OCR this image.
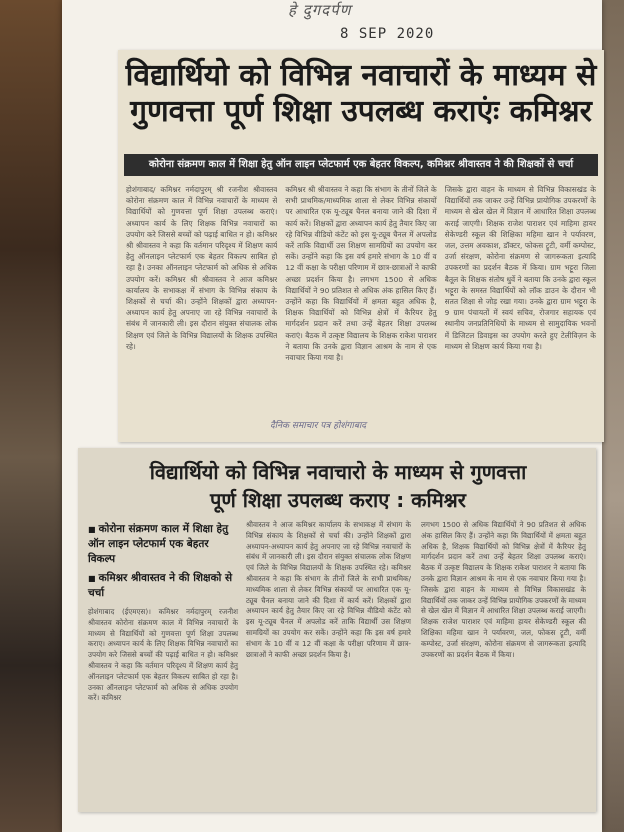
हे दुगदर्पण
8 SEP 2020
विद्यार्थियो को विभिन्न नवाचारों के माध्यम से
गुणवत्ता पूर्ण शिक्षा उपलब्ध कराएंः कमिश्नर
कोरोना संक्रमण काल में शिक्षा हेतु ऑन लाइन प्लेटफार्म एक बेहतर विकल्प, कमिश्नर श्रीवास्तव ने की शिक्षकों से चर्चा
होशंगाबाद/ कमिश्नर नर्मदापुरम् श्री रजनीश श्रीवास्तव कोरोना संक्रमण काल में विभिन्न नवाचारों के माध्यम से विद्यार्थियों को गुणवत्ता पूर्ण शिक्षा उपलब्ध कराएं। अध्यापन कार्य के लिए शिक्षक विभिन्न नवाचारों का उपयोग करे जिससे बच्चों को पढ़ाई बाधित न हो। कमिश्नर श्री श्रीवास्तव ने कहा कि वर्तमान परिदृश्य में शिक्षण कार्य हेतु ऑनलाइन प्लेटफार्म एक बेहतर विकल्प साबित हो रहा है। उनका ऑनलाइन प्लेटफार्म को अधिक से अधिक उपयोग करें। कमिश्नर श्री श्रीवास्तव ने आज कमिश्नर कार्यालय के सभाकक्ष में संभाग के विभिन्न संकाय के शिक्षकों से चर्चा की। उन्होंने शिक्षकों द्वारा अध्यापन-अध्यापन कार्य हेतु अपनाए जा रहे विभिन्न नवाचारों के संबंध में जानकारी ली। इस दौरान संयुक्त संचालक लोक शिक्षण एवं जिले के विभिन्न विद्यालयों के शिक्षक उपस्थित रहे।
कमिश्नर श्री श्रीवास्तव ने कहा कि संभाग के तीनों जिले के सभी प्राथमिक/माध्यमिक शाला से लेकर विभिन्न संकायों पर आधारित एक यू-ट्यूब चैनल बनाया जाने की दिशा में कार्य करें। शिक्षकों द्वारा अध्यापन कार्य हेतु तैयार किए जा रहे विभिन्न वीडियो कंटेंट को इस यू-ट्यूब चैनल में अपलोड करें ताकि विद्यार्थी उस शिक्षण सामग्रियों का उपयोग कर सकें। उन्होंने कहा कि इस वर्ष हमारे संभाग के 10 वीं व 12 वीं कक्षा के परीक्षा परिणाम में छात्र-छात्राओं ने काफी अच्छा प्रदर्शन किया है। लगभग 1500 से अधिक विद्यार्थियों ने 90 प्रतिशत से अधिक अंक हासिल किए हैं। उन्होंने कहा कि विद्यार्थियों में क्षमता बहुत अधिक है, शिक्षक विद्यार्थियों को विभिन्न क्षेत्रों में कैरियर हेतु मार्गदर्शन प्रदान करें तथा उन्हें बेहतर शिक्षा उपलब्ध कराएं। बैठक में उत्कृष्ट विद्यालय के शिक्षक राकेश पाराशर ने बताया कि उनके द्वारा विज्ञान आश्रम के नाम से एक नवाचार किया गया है।
जिसके द्वारा वाहन के माध्यम से विभिन्न विकासखंड के विद्यार्थियों तक जाकर उन्हें विभिन्न प्रायोगिक उपकरणों के माध्यम से खेल खेल में विज्ञान में आधारित शिक्षा उपलब्ध कराई जाएगी। शिक्षक राजेश पाराशर एवं माहिमा हायर सेकेण्डरी स्कूल की शिक्षिका महिमा खान ने पर्यावरण, जल, उत्तम अवकाश, डॉक्टर, फोकस ट्रूटी, वर्मी कम्पोस्ट, उर्जा संरक्षण, कोरोना संक्रमण से जागरूकता इत्यादि उपकरणों का प्रदर्शन बैठक में किया। ग्राम भट्टूरा जिला बैतूल के शिक्षक संतोष धुर्वे ने बताया कि उनके द्वारा स्कूल भट्टूरा के समस्त विद्यार्थियों को लॉक डाउन के दौरान भी सतत शिक्षा से जोड़ रखा गया। उनके द्वारा ग्राम भट्टूरा के 9 ग्राम पंचायतों में स्वयं सचिव, रोजगार सहायक एवं स्थानीय जनप्रतिनिधियों के माध्यम से सामुदायिक भवनों में डिजिटल डिवाइस का उपयोग करते हुए टेलीविज़न के माध्यम से शिक्षण कार्य किया गया है।
दैनिक समाचार पत्र होशंगाबाद
विद्यार्थियो को विभिन्न नवाचारो के माध्यम से गुणवत्ता
पूर्ण शिक्षा उपलब्ध कराए : कमिश्नर
■ कोरोना संक्रमण काल में शिक्षा हेतु ऑन लाइन प्लेटफार्म एक बेहतर विकल्प
■ कमिश्नर श्रीवास्तव ने की शिक्षको से चर्चा
होशंगाबाद (ईएमएस)। कमिश्नर नर्मदापुरम् रजनीश श्रीवास्तव कोरोना संक्रमण काल में विभिन्न नवाचारों के माध्यम से विद्यार्थियों को गुणवत्ता पूर्ण शिक्षा उपलब्ध कराए। अध्यापन कार्य के लिए शिक्षक विभिन्न नवाचारों का उपयोग करे जिससे बच्चों की पढ़ाई बाधित न हो। कमिश्नर श्रीवास्तव ने कहा कि वर्तमान परिदृश्य में शिक्षण कार्य हेतु ऑनलाइन प्लेटफार्म एक बेहतर विकल्प साबित हो रहा है। उनका ऑनलाइन प्लेटफार्म को अधिक से अधिक उपयोग करें। कमिश्नर
श्रीवास्तव ने आज कमिश्नर कार्यालय के सभाकक्ष में संभाग के विभिन्न संकाय के शिक्षकों से चर्चा की। उन्होंने शिक्षकों द्वारा अध्यापन-अध्यापन कार्य हेतु अपनाए जा रहे विभिन्न नवाचारों के संबंध में जानकारी ली। इस दौरान संयुक्त संचालक लोक शिक्षण एवं जिले के विभिन्न विद्यालयों के शिक्षक उपस्थित रहे। कमिश्नर श्रीवास्तव ने कहा कि संभाग के तीनों जिले के सभी प्राथमिक/माध्यमिक शाला से लेकर विभिन्न संकायों पर आधारित एक यू-ट्यूब चैनल बनाया जाने की दिशा में कार्य करें। शिक्षकों द्वारा अध्यापन कार्य हेतु तैयार किए जा रहे विभिन्न वीडियो कंटेंट को इस यू-ट्यूब चैनल में अपलोड करें ताकि विद्यार्थी उस शिक्षण सामग्रियों का उपयोग कर सकें। उन्होंने कहा कि इस वर्ष हमारे संभाग के 10 वीं व 12 वीं कक्षा के परीक्षा परिणाम में छात्र-छात्राओं ने काफी अच्छा प्रदर्शन किया है।
लगभग 1500 से अधिक विद्यार्थियों ने 90 प्रतिशत से अधिक अंक हासिल किए हैं। उन्होंने कहा कि विद्यार्थियों में क्षमता बहुत अधिक है, शिक्षक विद्यार्थियों को विभिन्न क्षेत्रों में कैरियर हेतु मार्गदर्शन प्रदान करें तथा उन्हें बेहतर शिक्षा उपलब्ध कराएं। बैठक में उत्कृष्ट विद्यालय के शिक्षक राकेश पाराशर ने बताया कि उनके द्वारा विज्ञान आश्रम के नाम से एक नवाचार किया गया है। जिसके द्वारा वाहन के माध्यम से विभिन्न विकासखंड के विद्यार्थियों तक जाकर उन्हें विभिन्न प्रायोगिक उपकरणों के माध्यम से खेल खेल में विज्ञान में आधारित शिक्षा उपलब्ध कराई जाएगी। शिक्षक राजेश पाराशर एवं माहिमा हायर सेकेण्डरी स्कूल की शिक्षिका महिमा खान ने पर्यावरण, जल, फोकस ट्रूटी, वर्मी कम्पोस्ट, उर्जा संरक्षण, कोरोना संक्रमण से जागरूकता इत्यादि उपकरणों का प्रदर्शन बैठक में किया।
